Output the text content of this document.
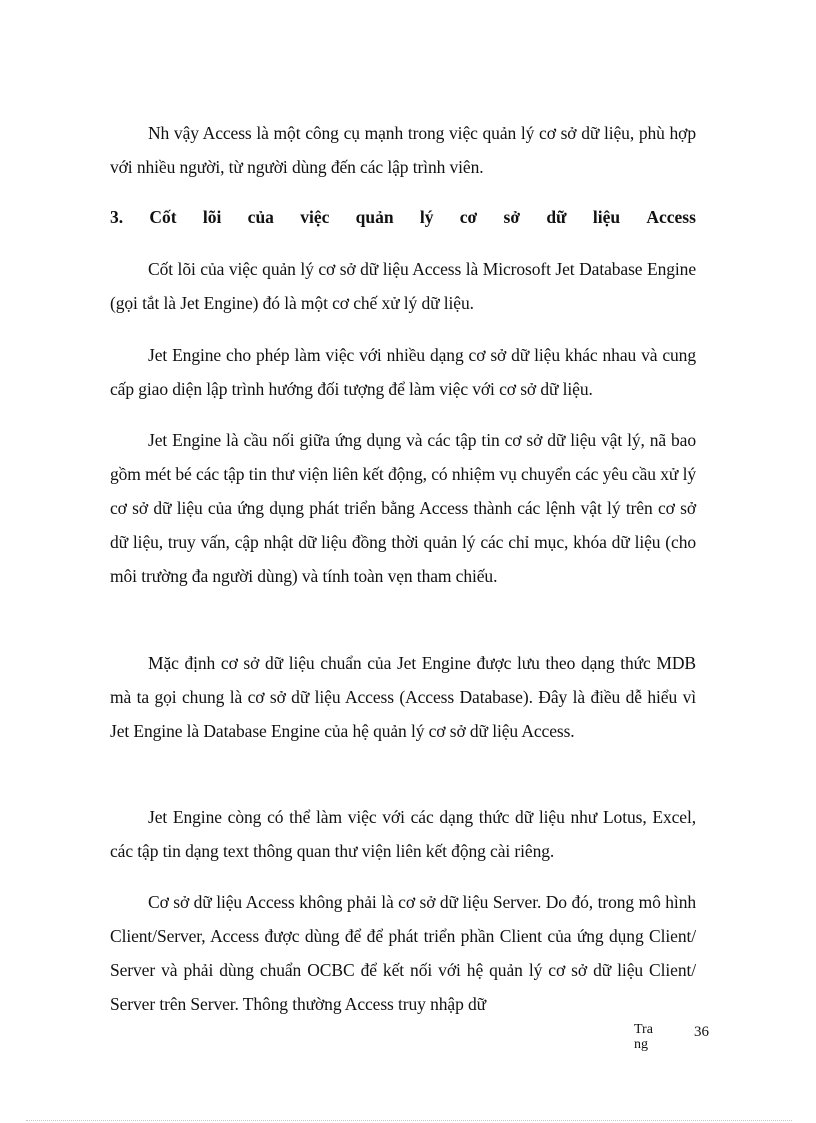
Nh vậy Access là một công cụ mạnh trong việc quản lý cơ sở dữ liệu, phù hợp với nhiều người, từ người dùng đến các lập trình viên.

3. Cốt lõi của việc quản lý cơ sở dữ liệu Access

Cốt lõi của việc quản lý cơ sở dữ liệu Access là Microsoft Jet Database Engine (gọi tắt là Jet Engine) đó là một cơ chế xử lý dữ liệu.

Jet Engine cho phép làm việc với nhiều dạng cơ sở dữ liệu khác nhau và cung cấp giao diện lập trình hướng đối tượng để làm việc với cơ sở dữ liệu.

Jet Engine là cầu nối giữa ứng dụng và các tập tin cơ sở dữ liệu vật lý, nã bao gồm mét bé các tập tin thư viện liên kết động, có nhiệm vụ chuyển các yêu cầu xử lý cơ sở dữ liệu của ứng dụng phát triển bằng Access thành các lệnh vật lý trên cơ sở dữ liệu, truy vấn, cập nhật dữ liệu đồng thời quản lý các chỉ mục, khóa dữ liệu (cho môi trường đa người dùng) và tính toàn vẹn tham chiếu.

Mặc định cơ sở dữ liệu chuẩn của Jet Engine được lưu theo dạng thức MDB mà ta gọi chung là cơ sở dữ liệu Access (Access Database). Đây là điều dễ hiểu vì Jet Engine là Database Engine của hệ quản lý cơ sở dữ liệu Access.

Jet Engine còng có thể làm việc với các dạng thức dữ liệu như Lotus, Excel, các tập tin dạng text thông quan thư viện liên kết động cài riêng.

Cơ sở dữ liệu Access không phải là cơ sở dữ liệu Server. Do đó, trong mô hình Client/Server, Access được dùng để để phát triển phần Client của ứng dụng Client/ Server và phải dùng chuẩn OCBC để kết nối với hệ quản lý cơ sở dữ liệu Client/ Server trên Server. Thông thường Access truy nhập dữ

Trang
36
